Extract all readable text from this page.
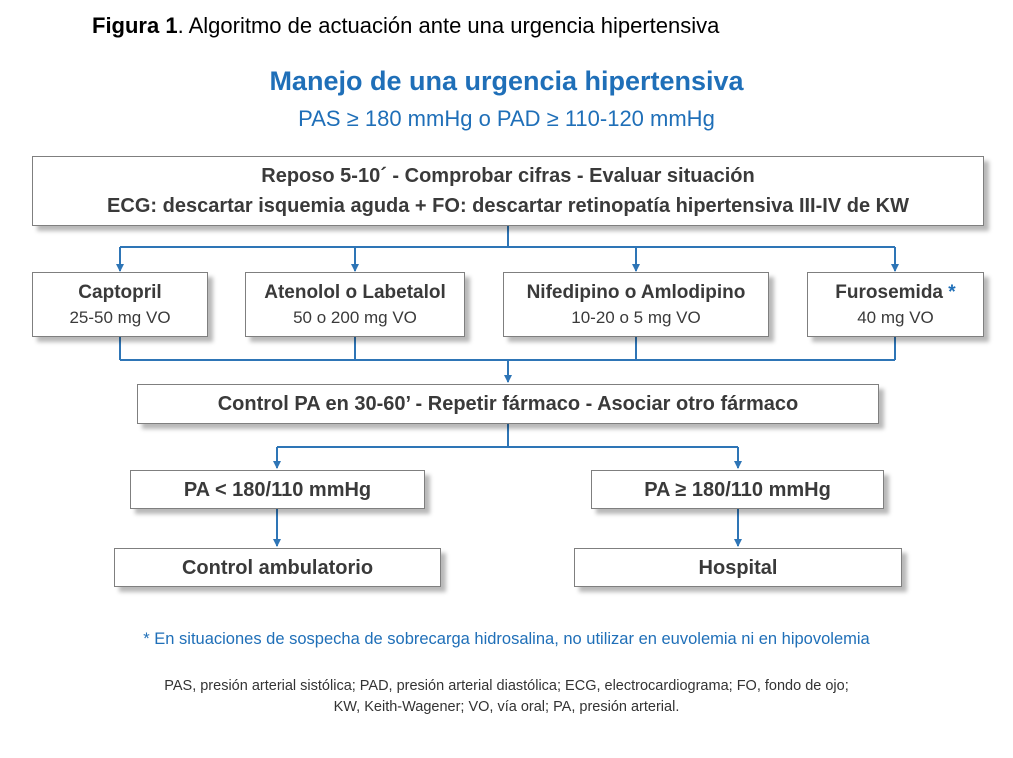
Figura 1. Algoritmo de actuación ante una urgencia hipertensiva
Manejo de una urgencia hipertensiva
PAS ≥ 180 mmHg o PAD ≥ 110-120 mmHg
Reposo 5-10´ - Comprobar cifras - Evaluar situación
ECG: descartar isquemia aguda + FO: descartar retinopatía hipertensiva III-IV de KW
Captopril
25-50 mg VO
Atenolol o Labetalol
50 o 200 mg VO
Nifedipino o Amlodipino
10-20 o 5 mg VO
Furosemida *
40 mg VO
Control PA en 30-60’ - Repetir fármaco - Asociar otro fármaco
PA < 180/110 mmHg	PA ≥ 180/110 mmHg
Control ambulatorio	Hospital
* En situaciones de sospecha de sobrecarga hidrosalina, no utilizar en euvolemia ni en hipovolemia
PAS, presión arterial sistólica; PAD, presión arterial diastólica; ECG, electrocardiograma; FO, fondo de ojo;
KW, Keith-Wagener; VO, vía oral; PA, presión arterial.
